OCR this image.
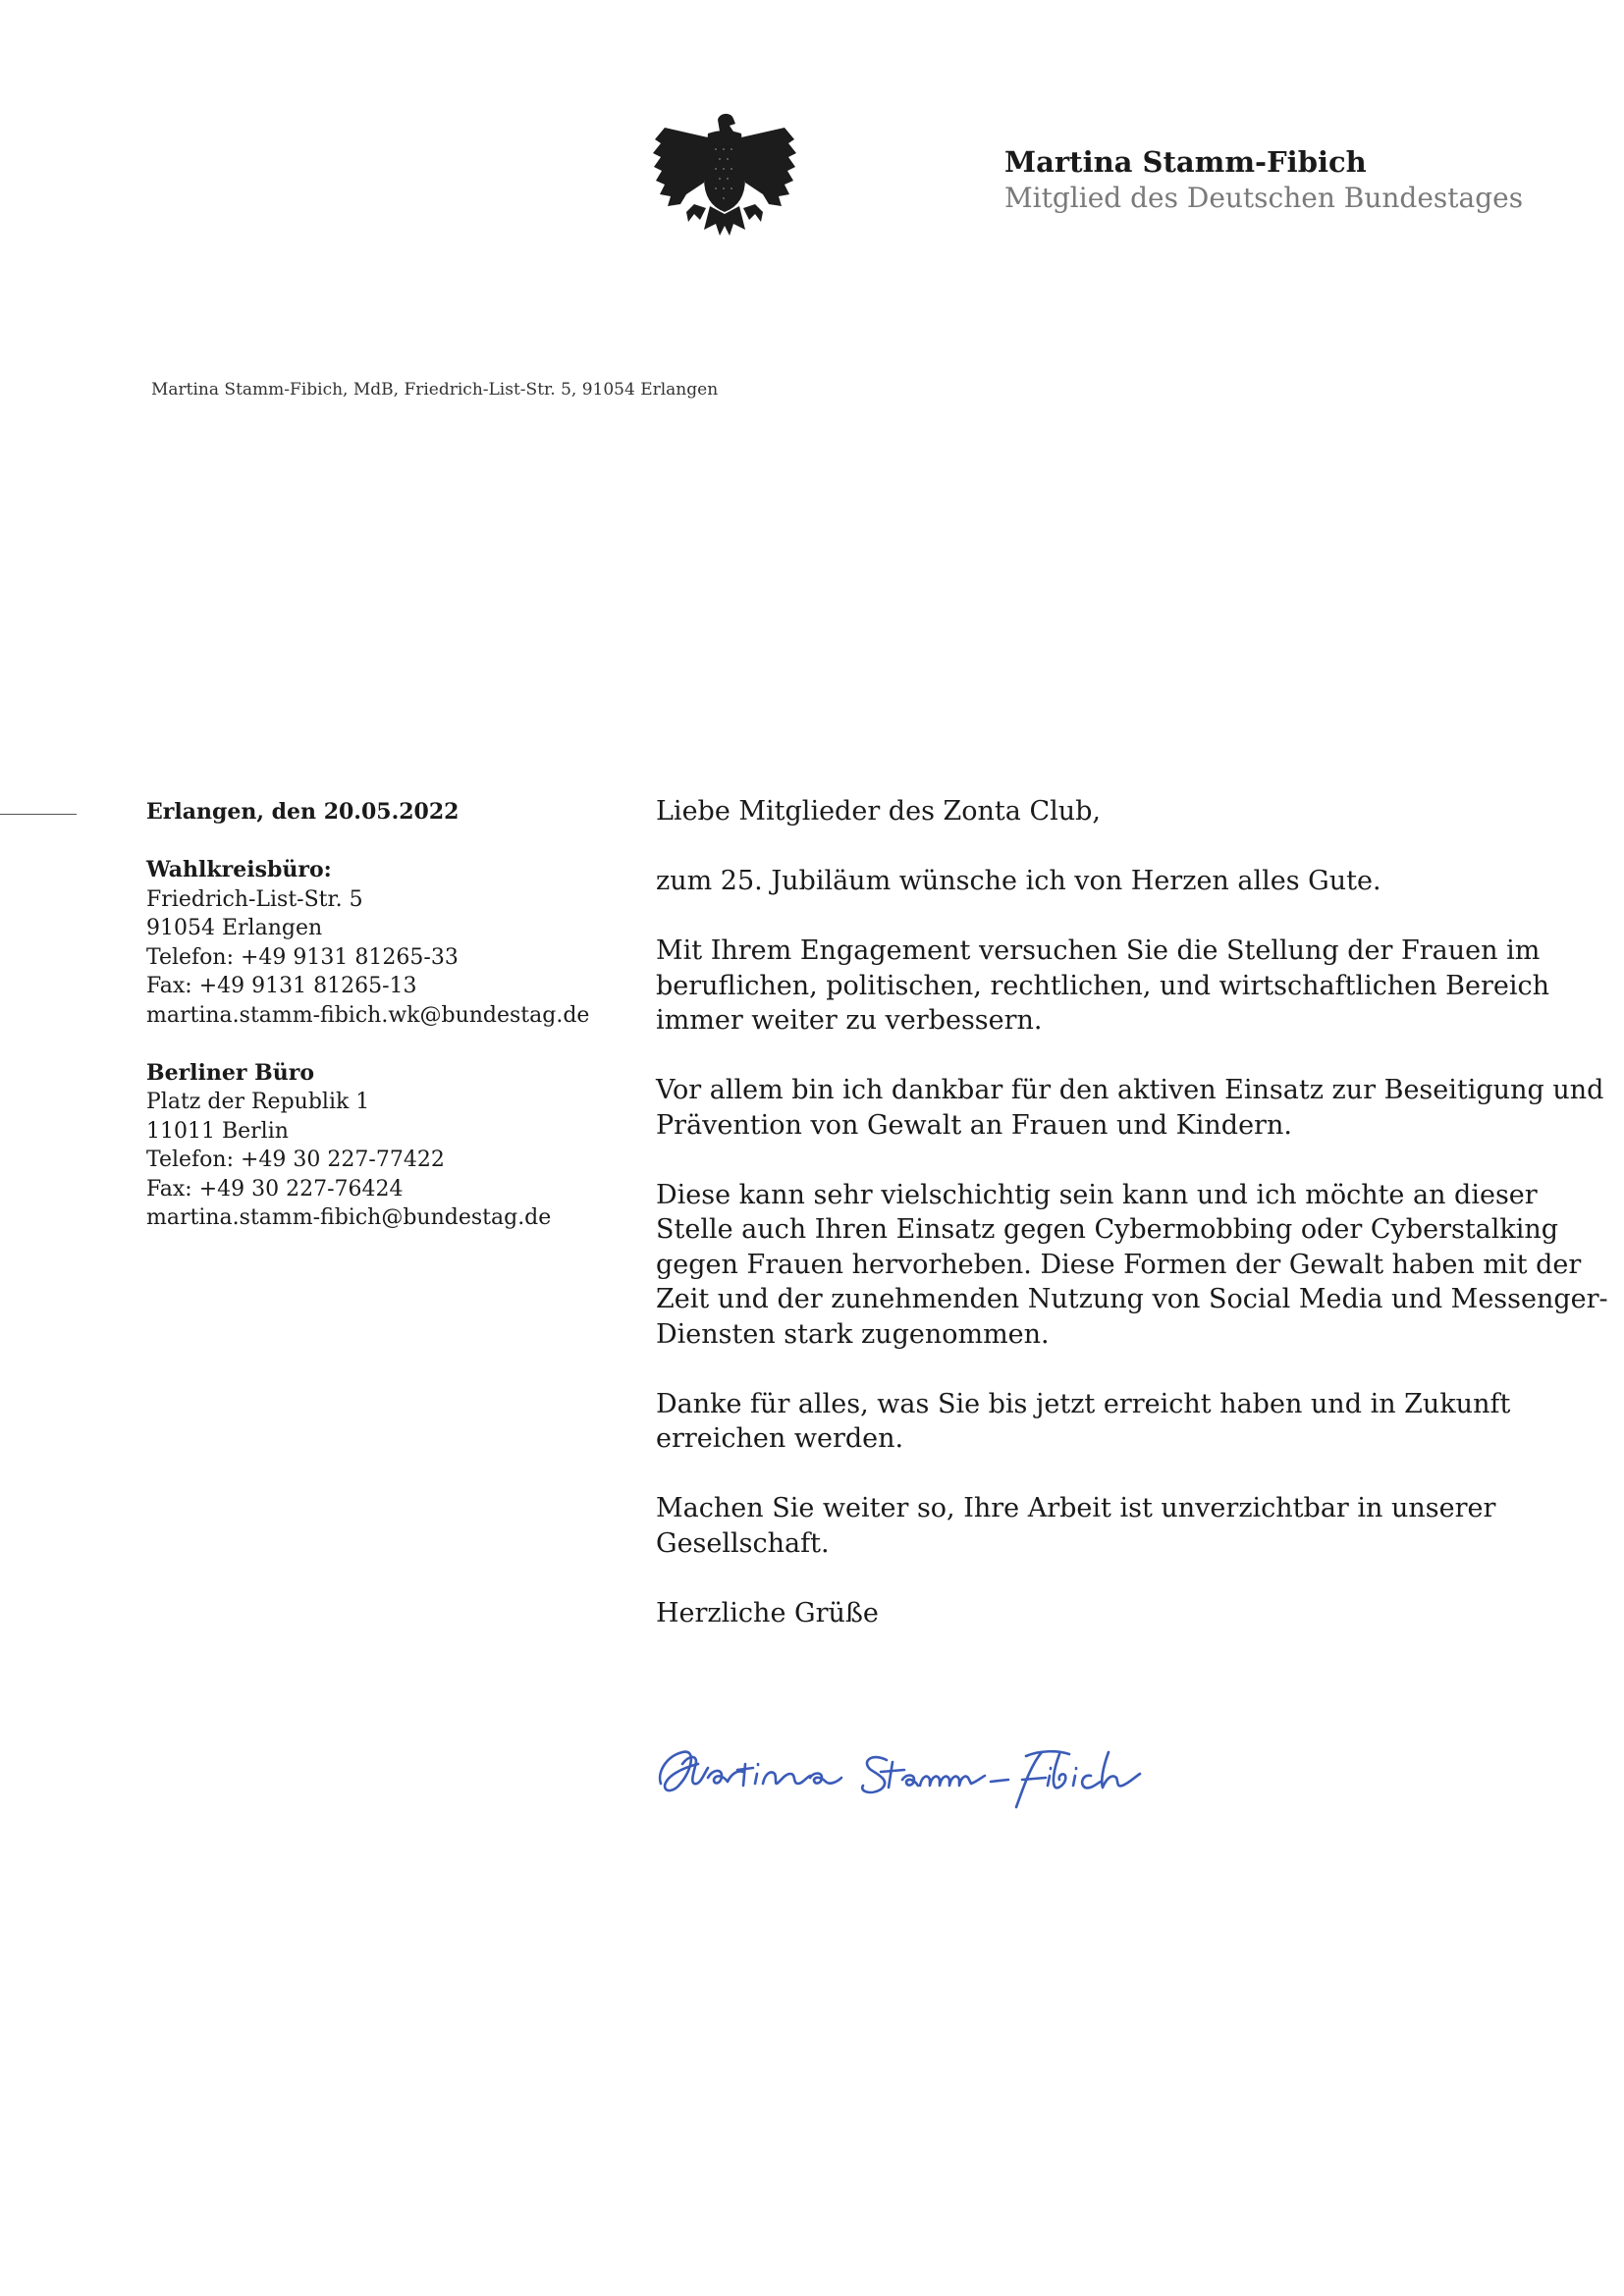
Martina Stamm-Fibich
Mitglied des Deutschen Bundestages
Martina Stamm-Fibich, MdB, Friedrich-List-Str. 5, 91054 Erlangen
Erlangen, den 20.05.2022
Wahlkreisbüro:
Friedrich-List-Str. 5
91054 Erlangen
Telefon: +49 9131 81265-33
Fax: +49 9131 81265-13
martina.stamm-fibich.wk@bundestag.de
Berliner Büro
Platz der Republik 1
11011 Berlin
Telefon: +49 30 227-77422
Fax: +49 30 227-76424
martina.stamm-fibich@bundestag.de

Liebe Mitglieder des Zonta Club,

zum 25. Jubiläum wünsche ich von Herzen alles Gute.

Mit Ihrem Engagement versuchen Sie die Stellung der Frauen im
beruflichen, politischen, rechtlichen, und wirtschaftlichen Bereich
immer weiter zu verbessern.

Vor allem bin ich dankbar für den aktiven Einsatz zur Beseitigung und
Prävention von Gewalt an Frauen und Kindern.

Diese kann sehr vielschichtig sein kann und ich möchte an dieser
Stelle auch Ihren Einsatz gegen Cybermobbing oder Cyberstalking
gegen Frauen hervorheben. Diese Formen der Gewalt haben mit der
Zeit und der zunehmenden Nutzung von Social Media und Messenger-
Diensten stark zugenommen.

Danke für alles, was Sie bis jetzt erreicht haben und in Zukunft
erreichen werden.

Machen Sie weiter so, Ihre Arbeit ist unverzichtbar in unserer
Gesellschaft.

Herzliche Grüße
